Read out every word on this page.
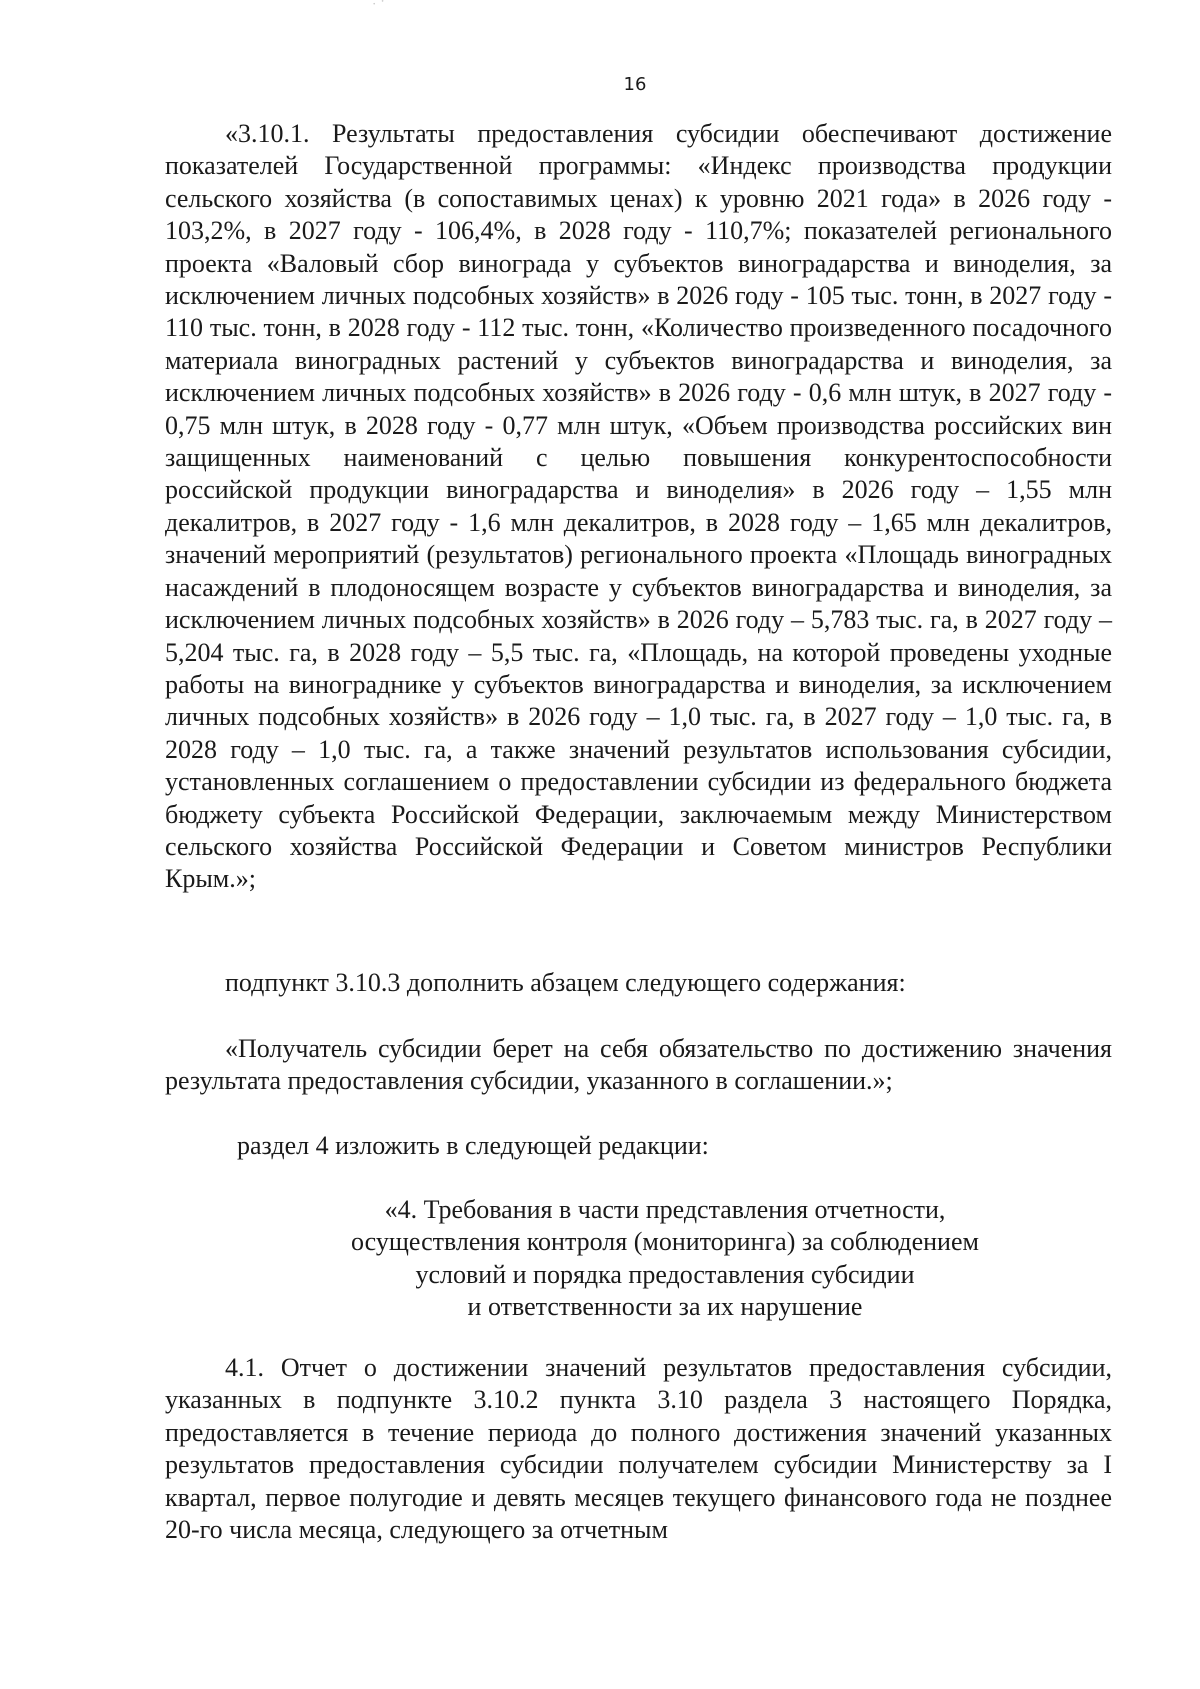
⠂⠁
16

«3.10.1. Результаты предоставления субсидии обеспечивают достижение показателей Государственной программы: «Индекс производства продукции сельского хозяйства (в сопоставимых ценах) к уровню 2021 года» в 2026 году - 103,2%, в 2027 году - 106,4%, в 2028 году - 110,7%; показателей регионального проекта «Валовый сбор винограда у субъектов виноградарства и виноделия, за исключением личных подсобных хозяйств» в 2026 году - 105 тыс. тонн, в 2027 году - 110 тыс. тонн, в 2028 году - 112 тыс. тонн, «Количество произведенного посадочного материала виноградных растений у субъектов виноградарства и виноделия, за исключением личных подсобных хозяйств» в 2026 году - 0,6 млн штук, в 2027 году - 0,75 млн штук, в 2028 году - 0,77 млн штук, «Объем производства российских вин защищенных наименований с целью повышения конкурентоспособности российской продукции виноградарства и виноделия» в 2026 году – 1,55 млн декалитров, в 2027 году - 1,6 млн декалитров, в 2028 году – 1,65 млн декалитров, значений мероприятий (результатов) регионального проекта «Площадь виноградных насаждений в плодоносящем возрасте у субъектов виноградарства и виноделия, за исключением личных подсобных хозяйств» в 2026 году – 5,783 тыс. га, в 2027 году – 5,204 тыс. га, в 2028 году – 5,5 тыс. га, «Площадь, на которой проведены уходные работы на винограднике у субъектов виноградарства и виноделия, за исключением личных подсобных хозяйств» в 2026 году – 1,0 тыс. га, в 2027 году – 1,0 тыс. га, в 2028 году – 1,0 тыс. га, а также значений результатов использования субсидии, установленных соглашением о предоставлении субсидии из федерального бюджета бюджету субъекта Российской Федерации, заключаемым между Министерством сельского хозяйства Российской Федерации и Советом министров Республики Крым.»;

подпункт 3.10.3 дополнить абзацем следующего содержания:

«Получатель субсидии берет на себя обязательство по достижению значения результата предоставления субсидии, указанного в соглашении.»;

раздел 4 изложить в следующей редакции:

«4. Требования в части представления отчетности,
осуществления контроля (мониторинга) за соблюдением
условий и порядка предоставления субсидии
и ответственности за их нарушение

4.1. Отчет о достижении значений результатов предоставления субсидии, указанных в подпункте 3.10.2 пункта 3.10 раздела 3 настоящего Порядка, предоставляется в течение периода до полного достижения значений указанных результатов предоставления субсидии получателем субсидии Министерству за I квартал, первое полугодие и девять месяцев текущего финансового года не позднее 20-го числа месяца, следующего за отчетным
